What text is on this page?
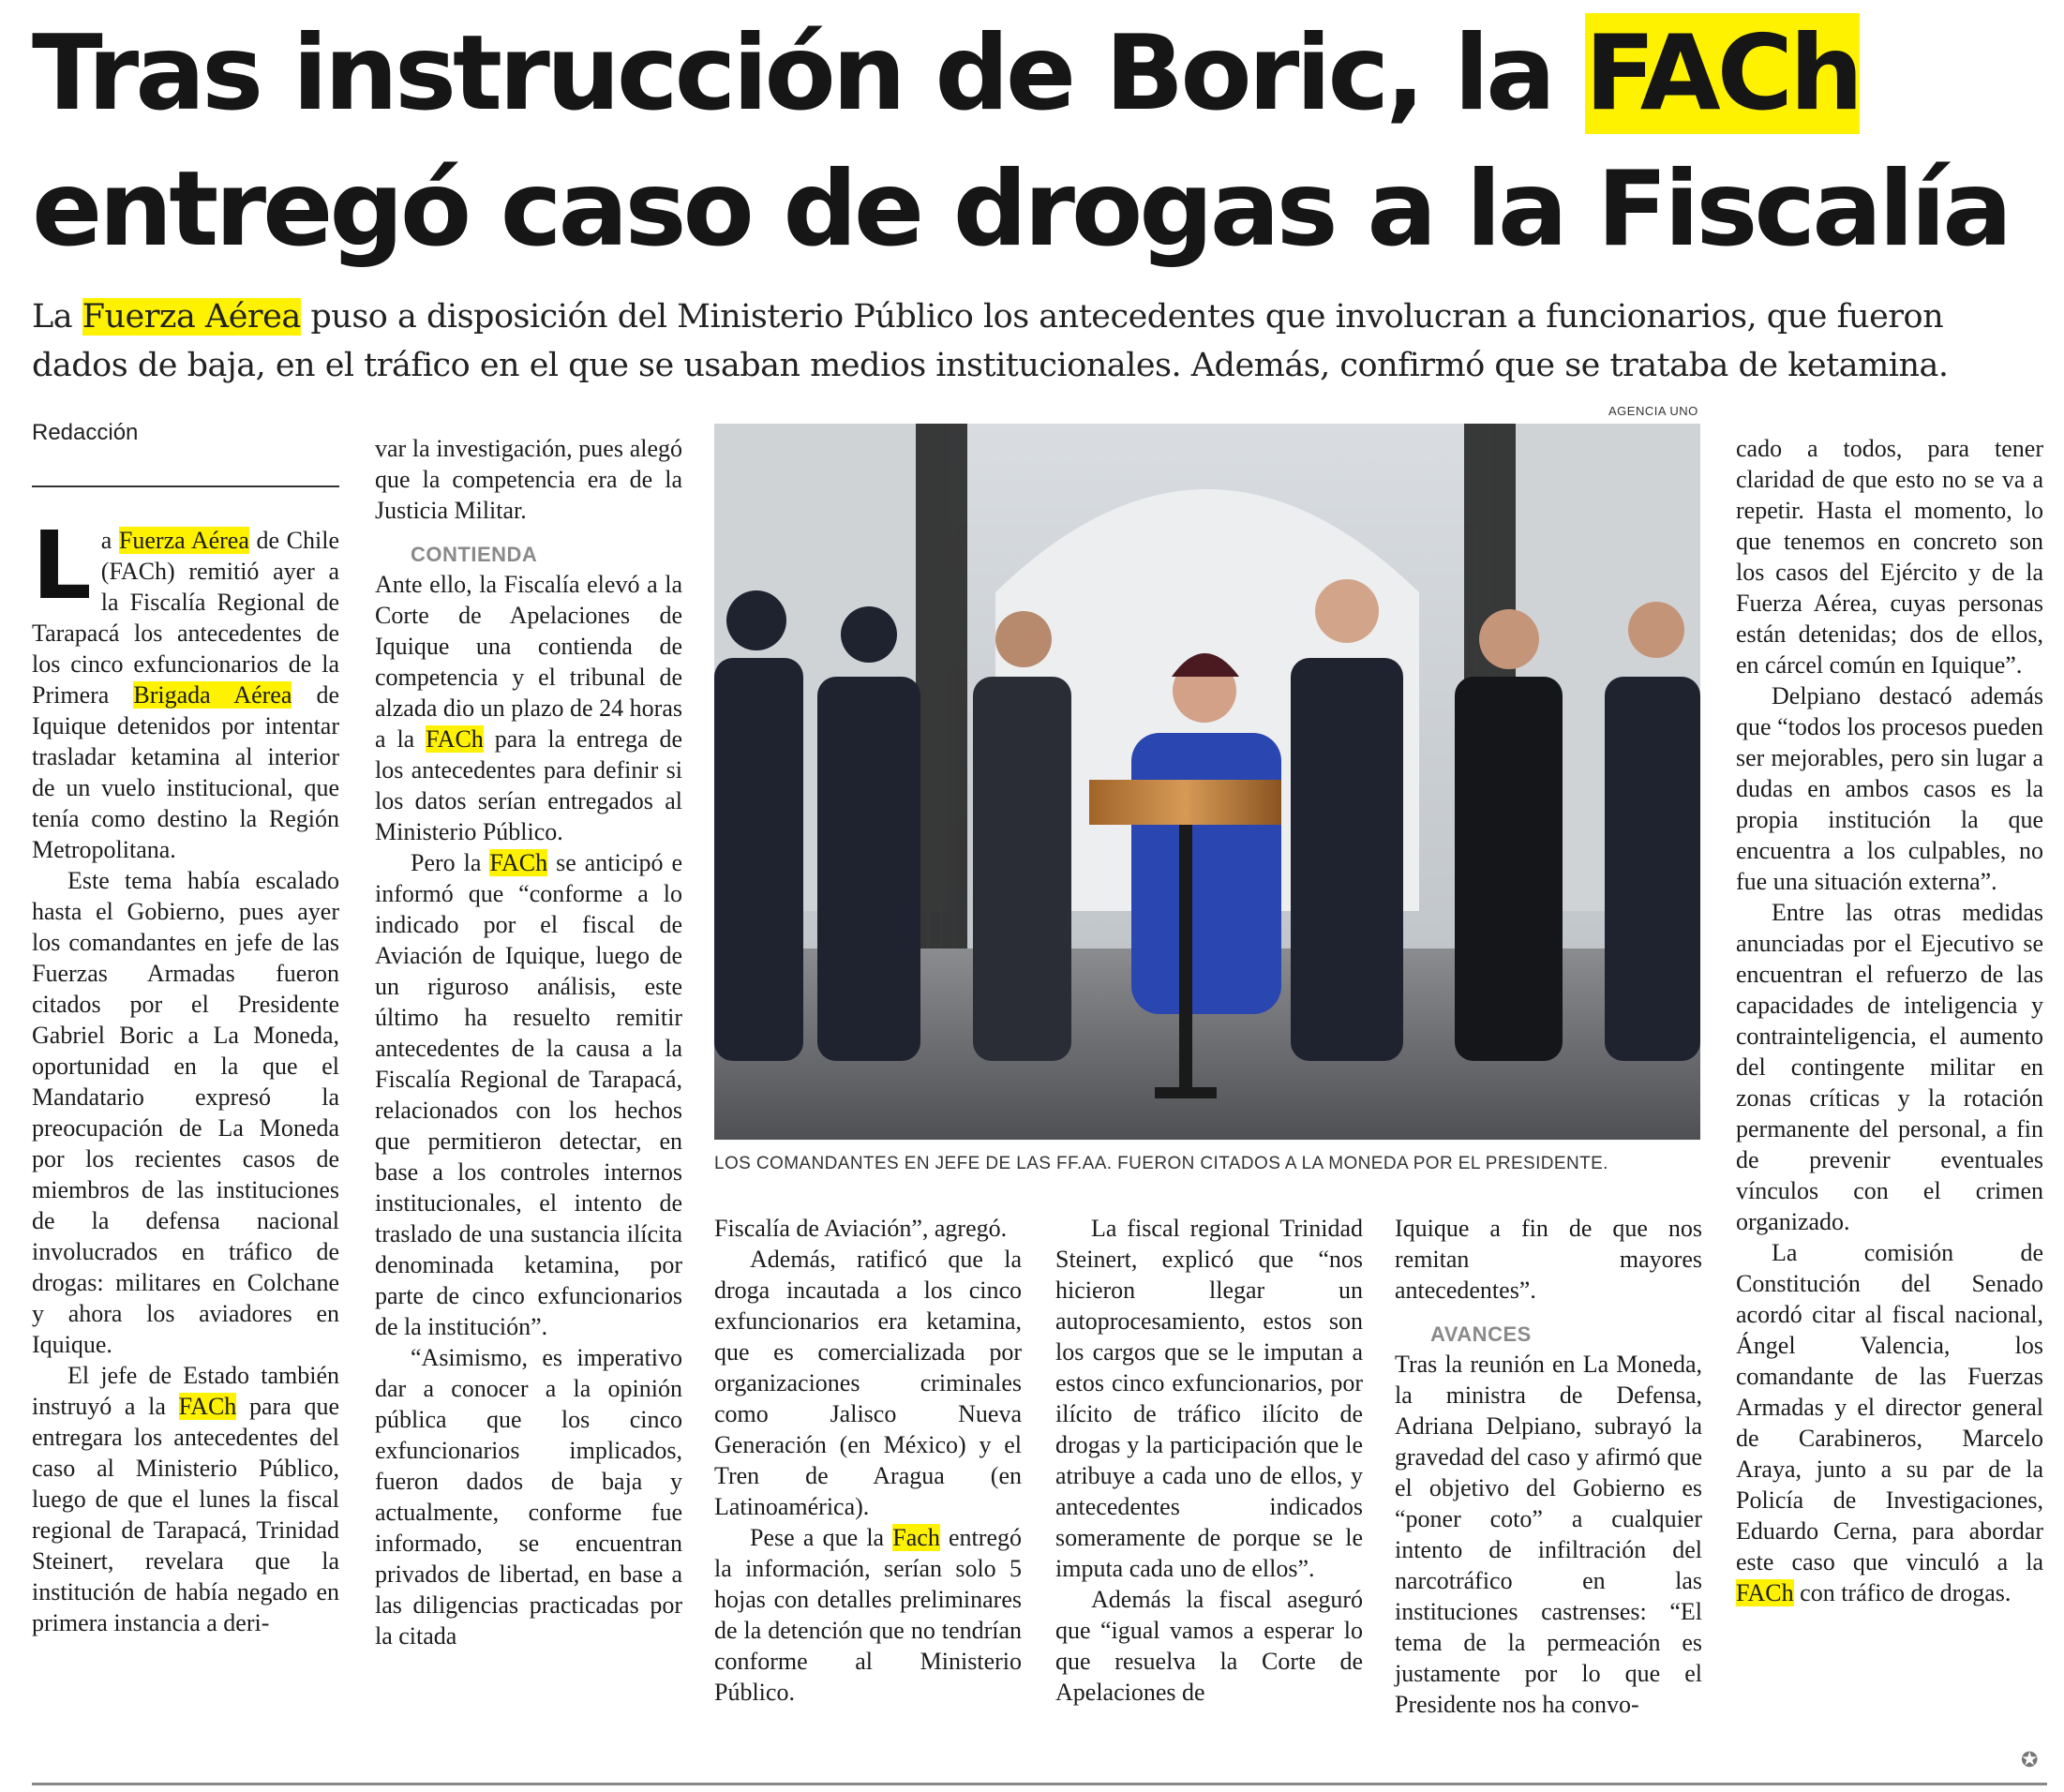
Tras instrucción de Boric, la FACh entregó caso de drogas a la Fiscalía

La Fuerza Aérea puso a disposición del Ministerio Público los antecedentes que involucran a funcionarios, que fueron dados de baja, en el tráfico en el que se usaban medios institucionales. Además, confirmó que se trataba de ketamina.

Redacción

La Fuerza Aérea de Chile (FACh) remitió ayer a la Fiscalía Regional de Tarapacá los antecedentes de los cinco exfuncionarios de la Primera Brigada Aérea de Iquique detenidos por intentar trasladar ketamina al interior de un vuelo institucional, que tenía como destino la Región Metropolitana.

Este tema había escalado hasta el Gobierno, pues ayer los comandantes en jefe de las Fuerzas Armadas fueron citados por el Presidente Gabriel Boric a La Moneda, oportunidad en la que el Mandatario expresó la preocupación de La Moneda por los recientes casos de miembros de las instituciones de la defensa nacional involucrados en tráfico de drogas: militares en Colchane y ahora los aviadores en Iquique.

El jefe de Estado también instruyó a la FACh para que entregara los antecedentes del caso al Ministerio Público, luego de que el lunes la fiscal regional de Tarapacá, Trinidad Steinert, revelara que la institución de había negado en primera instancia a deri-

var la investigación, pues alegó que la competencia era de la Justicia Militar.

CONTIENDA

Ante ello, la Fiscalía elevó a la Corte de Apelaciones de Iquique una contienda de competencia y el tribunal de alzada dio un plazo de 24 horas a la FACh para la entrega de los antecedentes para definir si los datos serían entregados al Ministerio Público.

Pero la FACh se anticipó e informó que “conforme a lo indicado por el fiscal de Aviación de Iquique, luego de un riguroso análisis, este último ha resuelto remitir antecedentes de la causa a la Fiscalía Regional de Tarapacá, relacionados con los hechos que permitieron detectar, en base a los controles internos institucionales, el intento de traslado de una sustancia ilícita denominada ketamina, por parte de cinco exfuncionarios de la institución”.

“Asimismo, es imperativo dar a conocer a la opinión pública que los cinco exfuncionarios implicados, fueron dados de baja y actualmente, conforme fue informado, se encuentran privados de libertad, en base a las diligencias practicadas por la citada

AGENCIA UNO
LOS COMANDANTES EN JEFE DE LAS FF.AA. FUERON CITADOS A LA MONEDA POR EL PRESIDENTE.

Fiscalía de Aviación”, agregó.

Además, ratificó que la droga incautada a los cinco exfuncionarios era ketamina, que es comercializada por organizaciones criminales como Jalisco Nueva Generación (en México) y el Tren de Aragua (en Latinoamérica).

Pese a que la Fach entregó la información, serían solo 5 hojas con detalles preliminares de la detención que no tendrían conforme al Ministerio Público.

La fiscal regional Trinidad Steinert, explicó que “nos hicieron llegar un autoprocesamiento, estos son los cargos que se le imputan a estos cinco exfuncionarios, por ilícito de tráfico ilícito de drogas y la participación que le atribuye a cada uno de ellos, y antecedentes indicados someramente de porque se le imputa cada uno de ellos”.

Además la fiscal aseguró que “igual vamos a esperar lo que resuelva la Corte de Apelaciones de

Iquique a fin de que nos remitan mayores antecedentes”.

AVANCES

Tras la reunión en La Moneda, la ministra de Defensa, Adriana Delpiano, subrayó la gravedad del caso y afirmó que el objetivo del Gobierno es “poner coto” a cualquier intento de infiltración del narcotráfico en las instituciones castrenses: “El tema de la permeación es justamente por lo que el Presidente nos ha convo-

cado a todos, para tener claridad de que esto no se va a repetir. Hasta el momento, lo que tenemos en concreto son los casos del Ejército y de la Fuerza Aérea, cuyas personas están detenidas; dos de ellos, en cárcel común en Iquique”.

Delpiano destacó además que “todos los procesos pueden ser mejorables, pero sin lugar a dudas en ambos casos es la propia institución la que encuentra a los culpables, no fue una situación externa”.

Entre las otras medidas anunciadas por el Ejecutivo se encuentran el refuerzo de las capacidades de inteligencia y contrainteligencia, el aumento del contingente militar en zonas críticas y la rotación permanente del personal, a fin de prevenir eventuales vínculos con el crimen organizado.

La comisión de Constitución del Senado acordó citar al fiscal nacional, Ángel Valencia, los comandante de las Fuerzas Armadas y el director general de Carabineros, Marcelo Araya, junto a su par de la Policía de Investigaciones, Eduardo Cerna, para abordar este caso que vinculó a la FACh con tráfico de drogas.

✪
